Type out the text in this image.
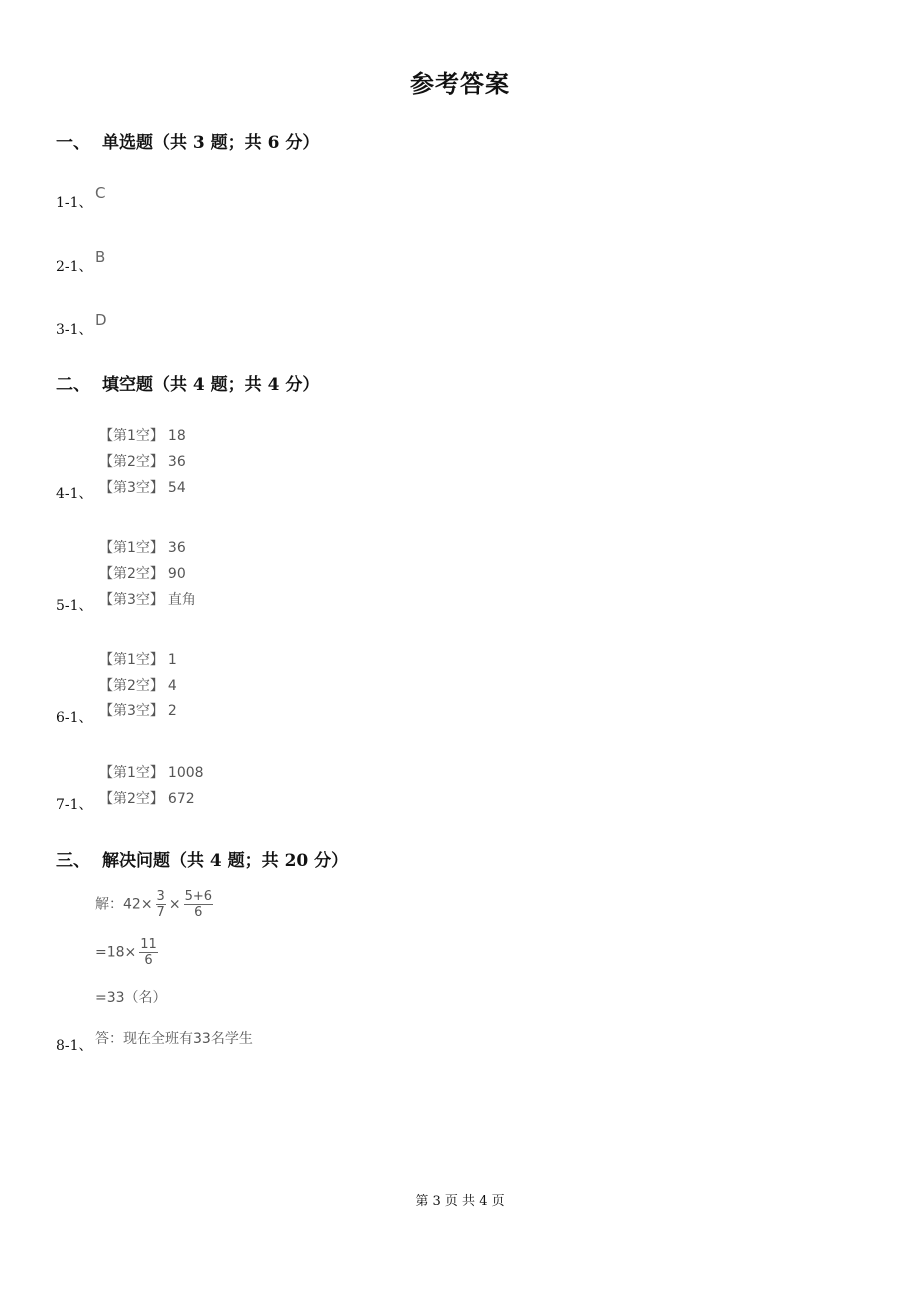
参考答案
一、 单选题（共 3 题；共 6 分）
1-1、
C
2-1、
B
3-1、
D
二、 填空题（共 4 题；共 4 分）
【第1空】 18
【第2空】 36
【第3空】 54
4-1、
【第1空】 36
【第2空】 90
【第3空】 直角
5-1、
【第1空】 1
【第2空】 4
【第3空】 2
6-1、
【第1空】 1008
【第2空】 672
7-1、
三、 解决问题（共 4 题；共 20 分）
解：$42\times \frac{3}{7} \times \frac{5+6}{6}$
$=18\times \frac{11}{6}$
=33（名）
答：现在全班有33名学生
8-1、
第 3 页 共 4 页
